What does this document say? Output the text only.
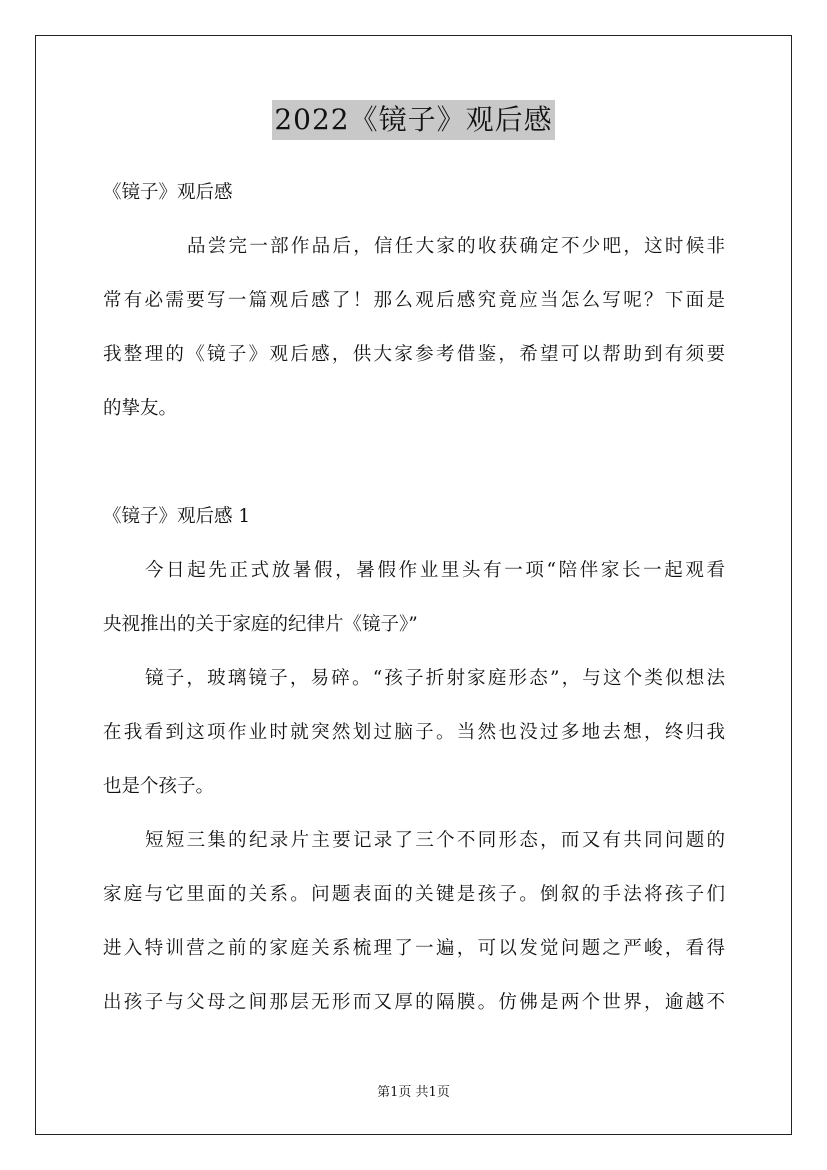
2022《镜子》观后感
《镜子》观后感
品尝完一部作品后，信任大家的收获确定不少吧，这时候非
常有必需要写一篇观后感了！那么观后感究竟应当怎么写呢？下面是
我整理的《镜子》观后感，供大家参考借鉴，希望可以帮助到有须要
的挚友。
《镜子》观后感 1
今日起先正式放暑假，暑假作业里头有一项“陪伴家长一起观看
央视推出的关于家庭的纪律片《镜子》”
镜子，玻璃镜子，易碎。“孩子折射家庭形态”，与这个类似想法
在我看到这项作业时就突然划过脑子。当然也没过多地去想，终归我
也是个孩子。
短短三集的纪录片主要记录了三个不同形态，而又有共同问题的
家庭与它里面的关系。问题表面的关键是孩子。倒叙的手法将孩子们
进入特训营之前的家庭关系梳理了一遍，可以发觉问题之严峻，看得
出孩子与父母之间那层无形而又厚的隔膜。仿佛是两个世界，逾越不
第1页 共1页
